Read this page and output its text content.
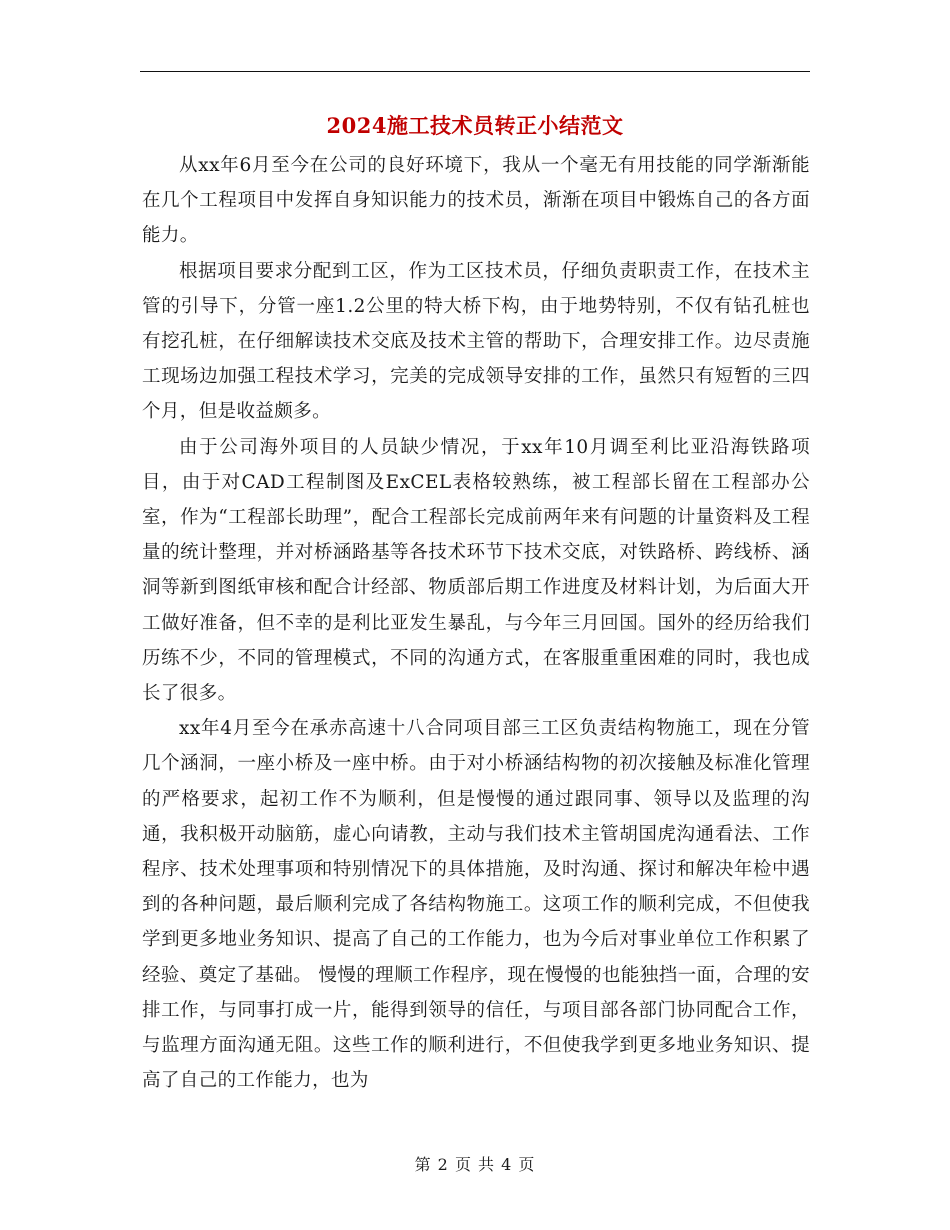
2024施工技术员转正小结范文

从xx年6月至今在公司的良好环境下，我从一个毫无有用技能的同学渐渐能在几个工程项目中发挥自身知识能力的技术员，渐渐在项目中锻炼自己的各方面能力。

根据项目要求分配到工区，作为工区技术员，仔细负责职责工作，在技术主管的引导下，分管一座1.2公里的特大桥下构，由于地势特别，不仅有钻孔桩也有挖孔桩，在仔细解读技术交底及技术主管的帮助下，合理安排工作。边尽责施工现场边加强工程技术学习，完美的完成领导安排的工作，虽然只有短暂的三四个月，但是收益颇多。

由于公司海外项目的人员缺少情况，于xx年10月调至利比亚沿海铁路项目，由于对CAD工程制图及ExCEL表格较熟练，被工程部长留在工程部办公室，作为“工程部长助理”，配合工程部长完成前两年来有问题的计量资料及工程量的统计整理，并对桥涵路基等各技术环节下技术交底，对铁路桥、跨线桥、涵洞等新到图纸审核和配合计经部、物质部后期工作进度及材料计划，为后面大开工做好准备，但不幸的是利比亚发生暴乱，与今年三月回国。国外的经历给我们历练不少，不同的管理模式，不同的沟通方式，在客服重重困难的同时，我也成长了很多。

xx年4月至今在承赤高速十八合同项目部三工区负责结构物施工，现在分管几个涵洞，一座小桥及一座中桥。由于对小桥涵结构物的初次接触及标准化管理的严格要求，起初工作不为顺利，但是慢慢的通过跟同事、领导以及监理的沟通，我积极开动脑筋，虚心向请教，主动与我们技术主管胡国虎沟通看法、工作程序、技术处理事项和特别情况下的具体措施，及时沟通、探讨和解决年检中遇到的各种问题，最后顺利完成了各结构物施工。这项工作的顺利完成，不但使我学到更多地业务知识、提高了自己的工作能力，也为今后对事业单位工作积累了经验、奠定了基础。 慢慢的理顺工作程序，现在慢慢的也能独挡一面，合理的安排工作，与同事打成一片，能得到领导的信任，与项目部各部门协同配合工作，与监理方面沟通无阻。这些工作的顺利进行，不但使我学到更多地业务知识、提高了自己的工作能力，也为

第 2 页 共 4 页
